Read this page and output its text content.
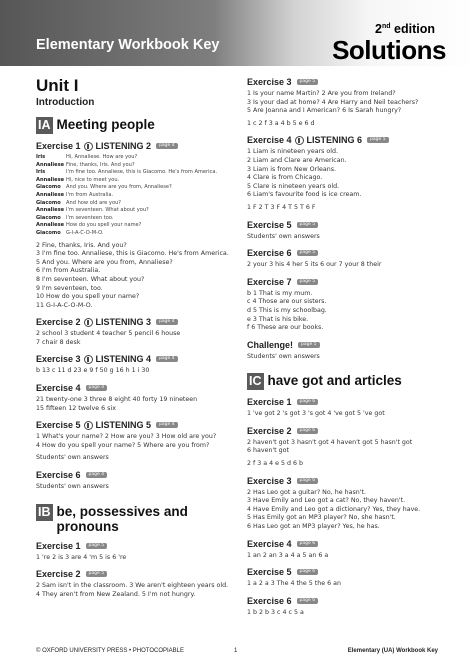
Elementary Workbook Key
2nd edition
Solutions
Unit I
Introduction
IA Meeting people
Exercise 1 LISTENING 2	page 4
Iris	Hi, Annaliese. How are you?
Annaliese Fine, thanks, Iris. And you?
Iris	I'm fine too. Annaliese, this is Giacomo. He's from America.
Annaliese Hi, nice to meet you.
Giacomo And you. Where are you from, Annaliese?
Annaliese I'm from Australia.
Giacomo And how old are you?
Annaliese I'm seventeen. What about you?
Giacomo I'm seventeen too.
Annaliese How do you spell your name?
Giacomo G-I-A-C-O-M-O.
2 Fine, thanks, Iris. And you?
3 I'm fine too. Annaliese, this is Giacomo. He's from America.
5 And you. Where are you from, Annaliese?
6 I'm from Australia.
8 I'm seventeen. What about you?
9 I'm seventeen, too.
10 How do you spell your name?
11 G-I-A-C-O-M-O.
Exercise 2 LISTENING 3	page 4
2 school 3 student 4 teacher 5 pencil 6 house
7 chair 8 desk
Exercise 3 LISTENING 4	page 4
b 13 c 11 d 23 e 9 f 50 g 16 h 1 i 30
Exercise 4	page 4
21 twenty-one 3 three 8 eight 40 forty 19 nineteen
15 fifteen 12 twelve 6 six
Exercise 5 LISTENING 5	page 4
1 What's your name? 2 How are you? 3 How old are you?
4 How do you spell your name? 5 Where are you from?

Students' own answers
Exercise 6	page 4
Students' own answers
IB be, possessives and pronouns
Exercise 1	page 5
1 're 2 is 3 are 4 'm 5 is 6 're
Exercise 2	page 5
2 Sam isn't in the classroom. 3 We aren't eighteen years old.
4 They aren't from New Zealand. 5 I'm not hungry.
Exercise 3	page 5
1 Is your name Martin? 2 Are you from Ireland?
3 Is your dad at home? 4 Are Harry and Neil teachers?
5 Are Joanna and I American? 6 Is Sarah hungry?

1 c 2 f 3 a 4 b 5 e 6 d
Exercise 4 LISTENING 6	page 5
1 Liam is nineteen years old.
2 Liam and Clare are American.
3 Liam is from New Orleans.
4 Clare is from Chicago.
5 Clare is nineteen years old.
6 Liam's favourite food is ice cream.

1 F 2 T 3 F 4 T 5 T 6 F
Exercise 5	page 5
Students' own answers
Exercise 6	page 5
2 your 3 his 4 her 5 its 6 our 7 your 8 their
Exercise 7	page 5
b 1 That is my mum.
c 4 Those are our sisters.
d 5 This is my schoolbag.
e 3 That is his bike.
f 6 These are our books.
Challenge!	page 5
Students' own answers
IC have got and articles
Exercise 1	page 6
1 've got 2 's got 3 's got 4 've got 5 've got
Exercise 2	page 6
2 haven't got 3 hasn't got 4 haven't got 5 hasn't got
6 haven't got

2 f 3 a 4 e 5 d 6 b
Exercise 3	page 6
2 Has Leo got a guitar? No, he hasn't.
3 Have Emily and Leo got a cat? No, they haven't.
4 Have Emily and Leo got a dictionary? Yes, they have.
5 Has Emily got an MP3 player? No, she hasn't.
6 Has Leo got an MP3 player? Yes, he has.
Exercise 4	page 6
1 an 2 an 3 a 4 a 5 an 6 a
Exercise 5	page 6
1 a 2 a 3 The 4 the 5 the 6 an
Exercise 6	page 6
1 b 2 b 3 c 4 c 5 a
© OXFORD UNIVERSITY PRESS • PHOTOCOPIABLE	1	Elementary (UA) Workbook Key
